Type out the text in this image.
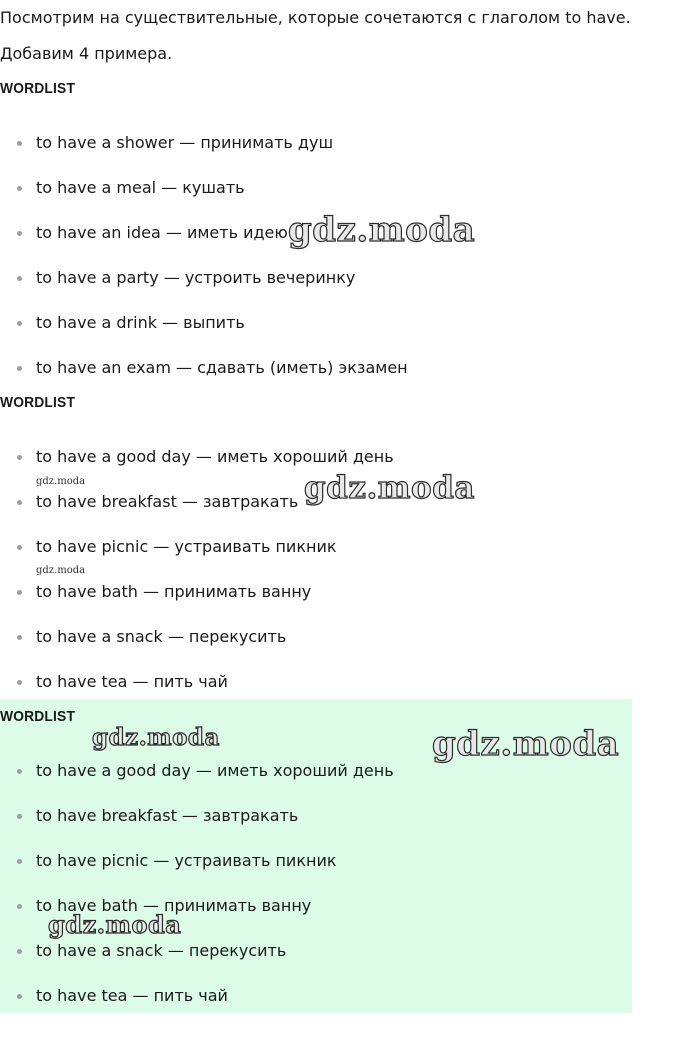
Посмотрим на существительные, которые сочетаются с глаголом to have.
Добавим 4 примера.
WORDLIST
to have a shower — принимать душ
to have a meal — кушать
to have an idea — иметь идею
to have a party — устроить вечеринку
to have a drink — выпить
to have an exam — сдавать (иметь) экзамен
WORDLIST
to have a good day — иметь хороший день
to have breakfast — завтракать
to have picnic — устраивать пикник
to have bath — принимать ванну
to have a snack — перекусить
to have tea — пить чай
WORDLIST
to have a good day — иметь хороший день
to have breakfast — завтракать
to have picnic — устраивать пикник
to have bath — принимать ванну
to have a snack — перекусить
to have tea — пить чай
gdz.moda
gdz.moda
gdz.moda	gdz.moda
gdz.moda
gdz.moda
gdz.moda
